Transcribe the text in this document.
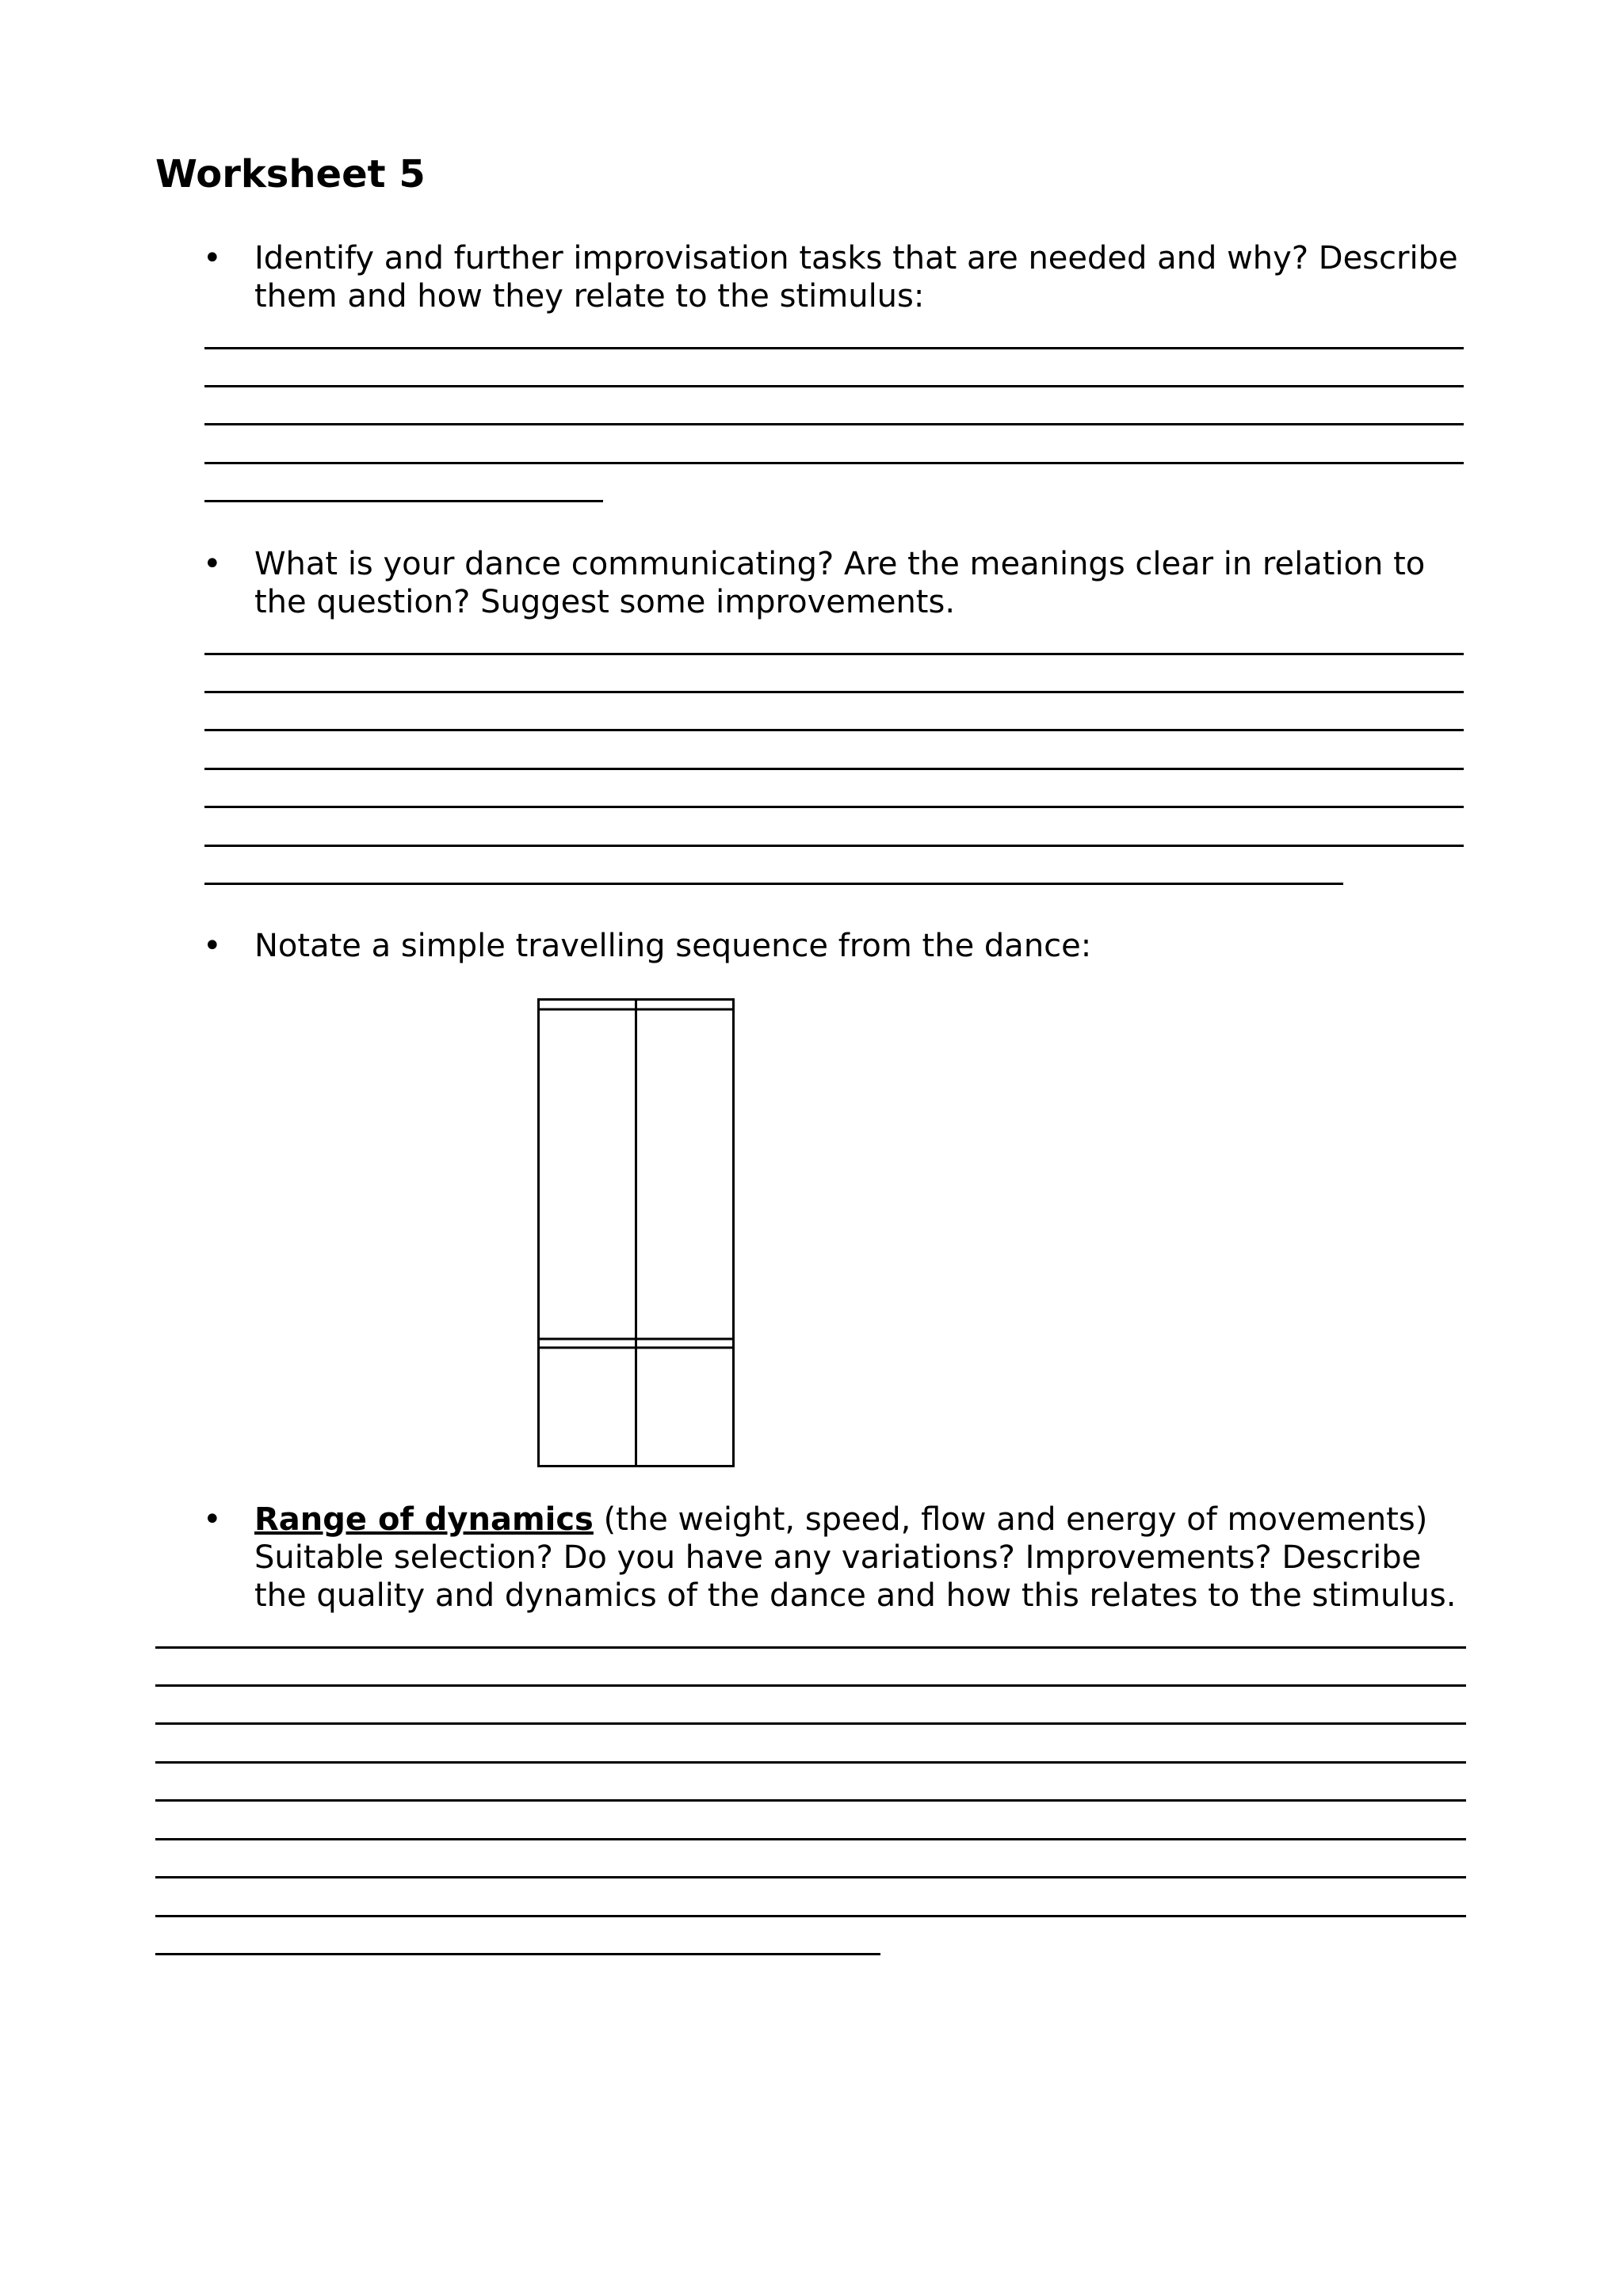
Worksheet 5
• Identify and further improvisation tasks that are needed and why? Describe them and how they relate to the stimulus:
• What is your dance communicating? Are the meanings clear in relation to the question? Suggest some improvements.
• Notate a simple travelling sequence from the dance:
• Range of dynamics (the weight, speed, flow and energy of movements) Suitable selection? Do you have any variations? Improvements? Describe the quality and dynamics of the dance and how this relates to the stimulus.
